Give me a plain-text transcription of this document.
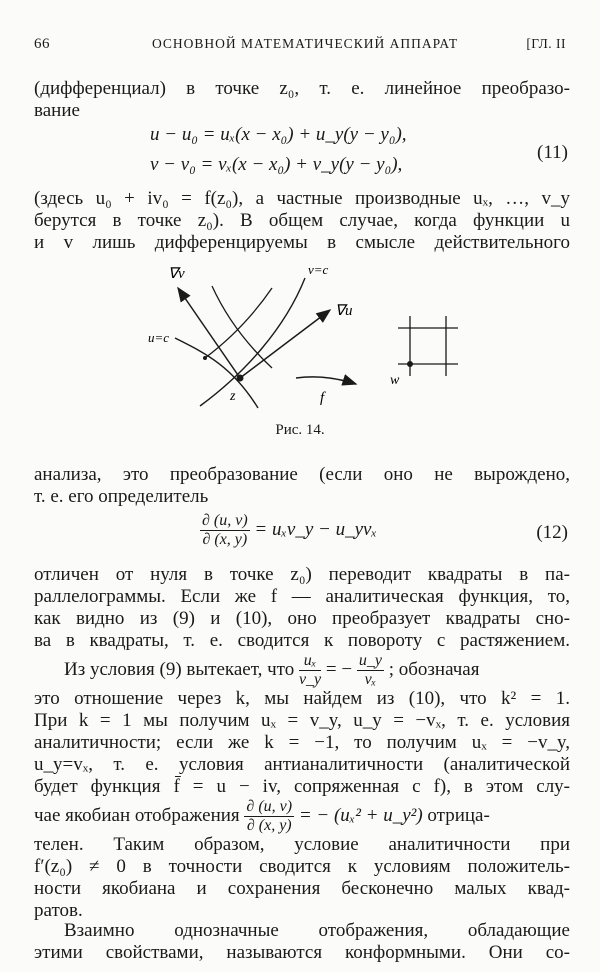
66	ОСНОВНОЙ МАТЕМАТИЧЕСКИЙ АППАРАТ	[ГЛ. II
(дифференциал) в точке z₀, т. е. линейное преобразо-
вание
u − u₀ = uₓ(x − x₀) + u_y(y − y₀),
v − v₀ = vₓ(x − x₀) + v_y(y − y₀),
(11)
(здесь u₀ + iv₀ = f(z₀), а частные производные uₓ, …, v_y
берутся в точке z₀). В общем случае, когда функции u
и v лишь дифференцируемы в смысле действительного
∇v	v=c
∇u
u=c
z	f
w
Рис. 14.
анализа, это преобразование (если оно не вырождено,
т. е. его определитель
$\frac{\partial (u, v)}{\partial (x, y)}$ = uₓv_y − u_yvₓ	(12)
отличен от нуля в точке z₀) переводит квадраты в па-
раллелограммы. Если же f — аналитическая функция, то,
как видно из (9) и (10), оно преобразует квадраты сно-
ва в квадраты, т. е. сводится к повороту с растяжением.
Из условия (9) вытекает, что $\frac{\text{uₓ}}{v\_y}$ = − $\frac{u\_y}{\text{vₓ}}$ ; обозначая
это отношение через k, мы найдем из (10), что k² = 1.
При k = 1 мы получим uₓ = v_y, u_y = −vₓ, т. е. условия
аналитичности; если же k = −1, то получим uₓ = −v_y,
u_y=vₓ, т. е. условия антианалитичности (аналитической
будет функция f̄ = u − iv, сопряженная с f), в этом слу-
чае якобиан отображения $\frac{\partial (u, v)}{\partial (x, y)}$ = − (uₓ² + u_y²) отрица-
телен. Таким образом, условие аналитичности при
f′(z₀) ≠ 0 в точности сводится к условиям положитель-
ности якобиана и сохранения бесконечно малых квад-
ратов.
Взаимно однозначные отображения, обладающие
этими свойствами, называются конформными. Они со-
